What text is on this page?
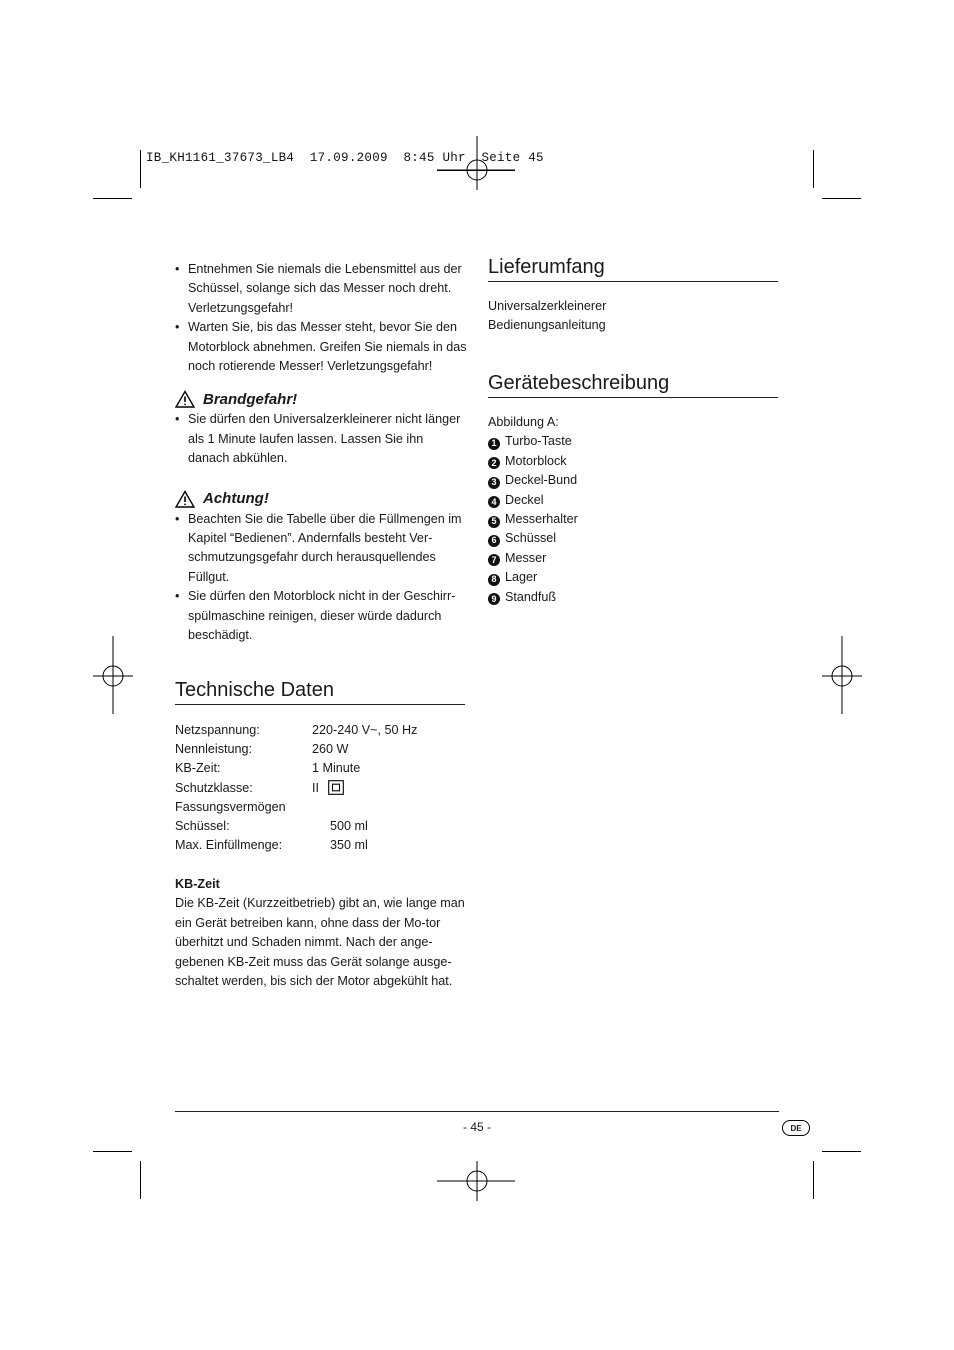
IB_KH1161_37673_LB4  17.09.2009  8:45 Uhr  Seite 45
• Entnehmen Sie niemals die Lebensmittel aus der Schüssel, solange sich das Messer noch dreht. Verletzungsgefahr!
• Warten Sie, bis das Messer steht, bevor Sie den Motorblock abnehmen. Greifen Sie niemals in das noch rotierende Messer! Verletzungsgefahr!
Brandgefahr!
• Sie dürfen den Universalzerkleinerer nicht länger als 1 Minute laufen lassen. Lassen Sie ihn danach abkühlen.
Achtung!
• Beachten Sie die Tabelle über die Füllmengen im Kapitel “Bedienen”. Andernfalls besteht Ver-schmutzungsgefahr durch herausquellendes Füllgut.
• Sie dürfen den Motorblock nicht in der Geschirr-spülmaschine reinigen, dieser würde dadurch beschädigt.
Technische Daten
Netzspannung:	220-240 V~, 50 Hz
Nennleistung:	260 W
KB-Zeit:	1 Minute
Schutzklasse:	II
Fassungsvermögen
Schüssel:	500 ml
Max. Einfüllmenge:	350 ml
KB-Zeit
Die KB-Zeit (Kurzzeitbetrieb) gibt an, wie lange man ein Gerät betreiben kann, ohne dass der Mo-tor überhitzt und Schaden nimmt. Nach der ange-gebenen KB-Zeit muss das Gerät solange ausge-schaltet werden, bis sich der Motor abgekühlt hat.
Lieferumfang
Universalzerkleinerer
Bedienungsanleitung
Gerätebeschreibung
Abbildung A:
1 Turbo-Taste
2 Motorblock
3 Deckel-Bund
4 Deckel
5 Messerhalter
6 Schüssel
7 Messer
8 Lager
9 Standfuß
- 45 -	DE
